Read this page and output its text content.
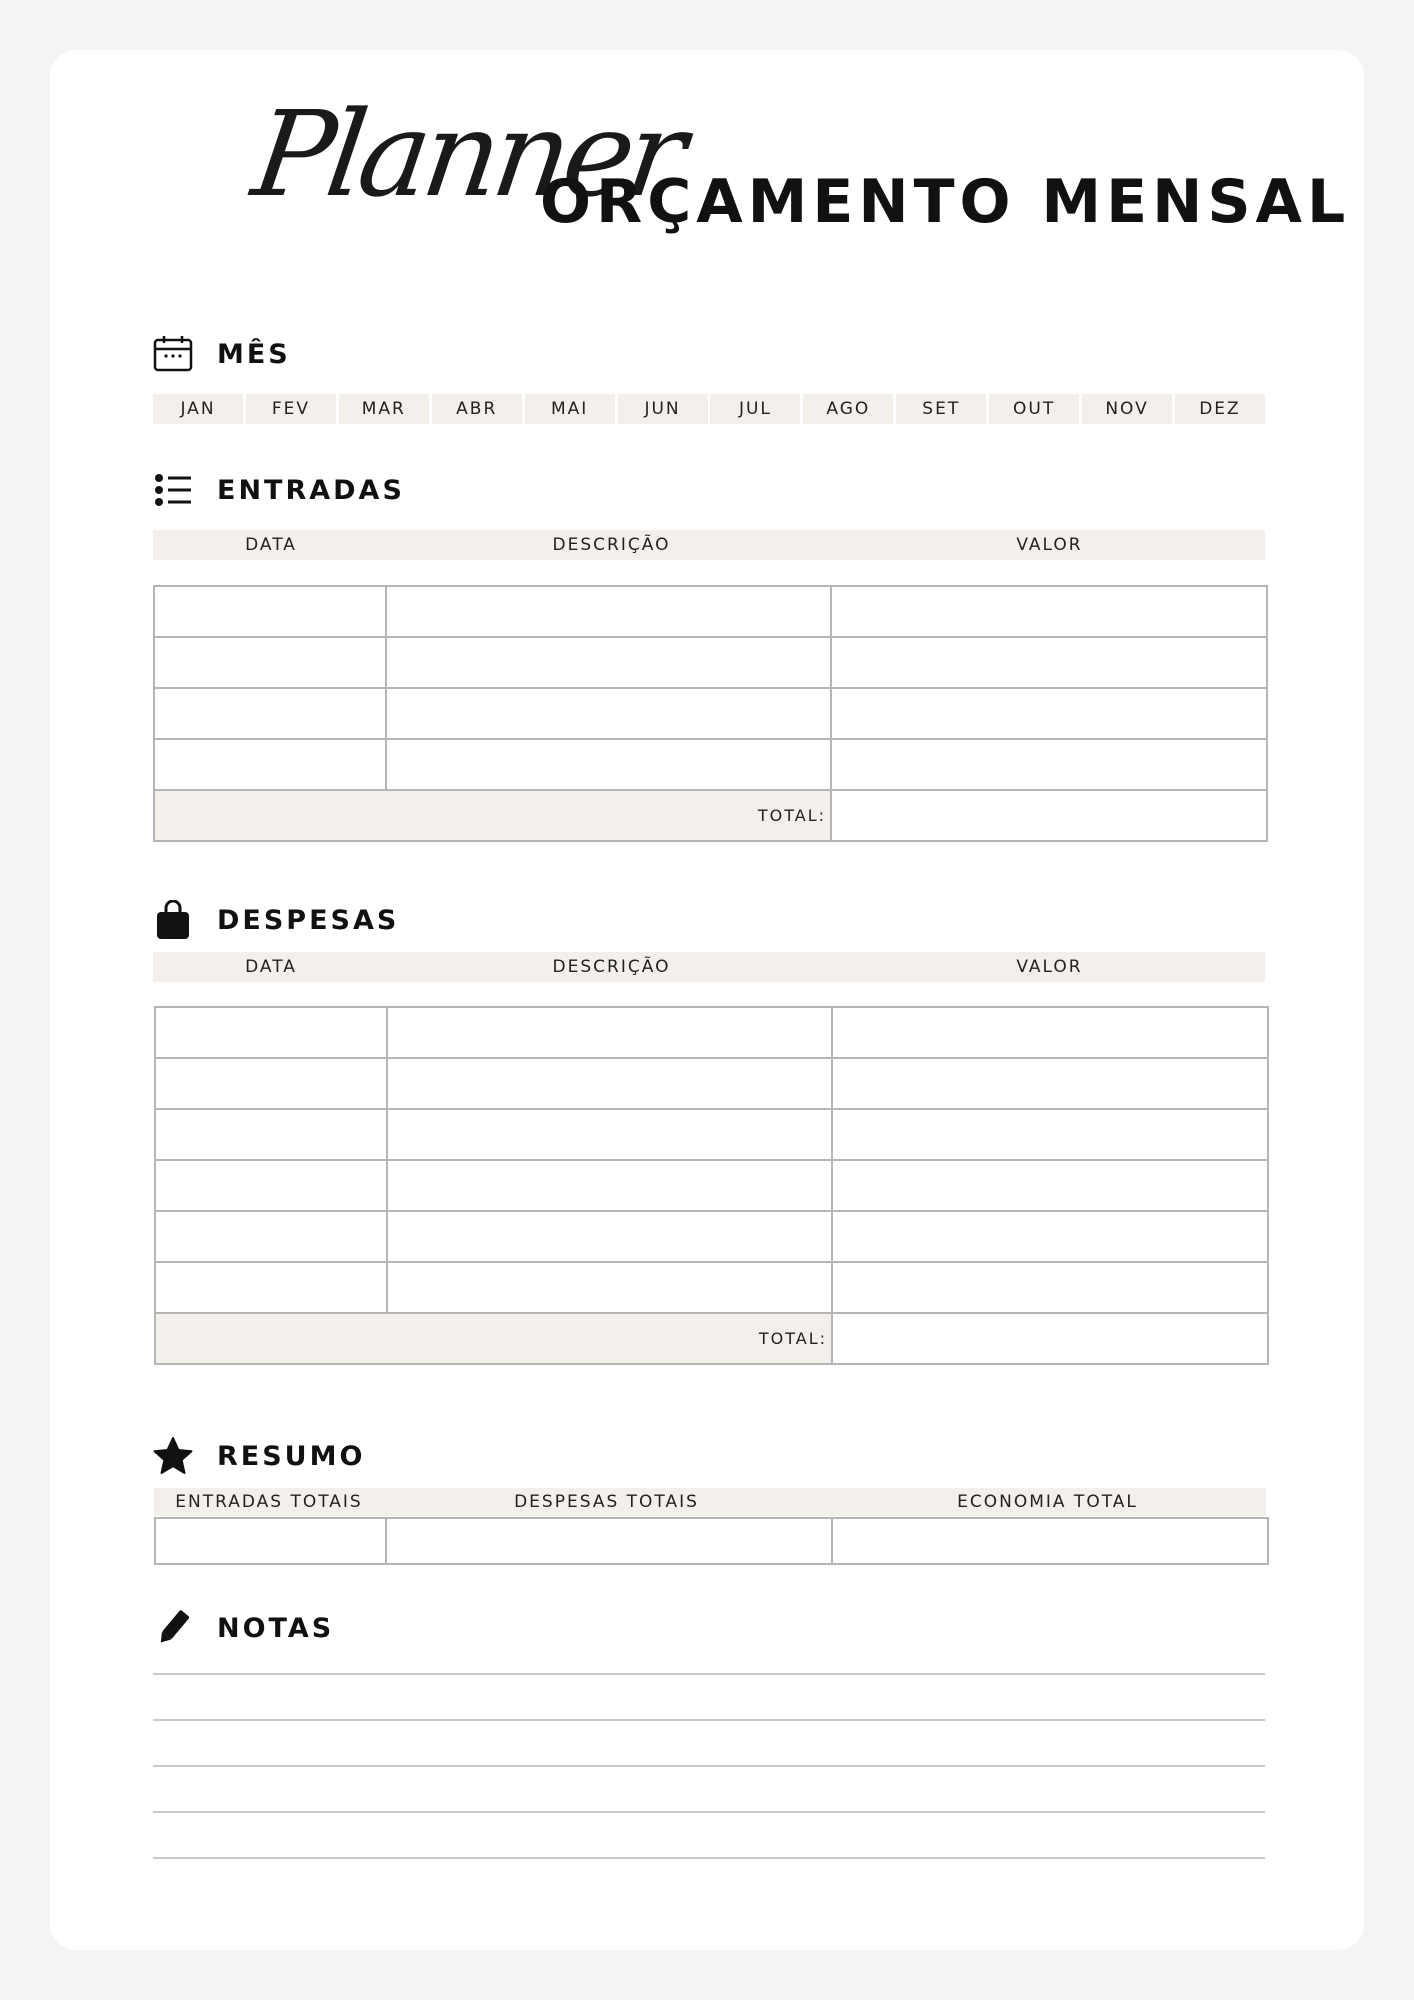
Planner
ORÇAMENTO MENSAL
MÊS
JAN	FEV	MAR	ABR	MAI	JUN	JUL	AGO	SET	OUT	NOV	DEZ
ENTRADAS
DATA	DESCRIÇÃO	VALOR

TOTAL:		
DESPESAS
DATA	DESCRIÇÃO	VALOR

TOTAL:		
RESUMO
ENTRADAS TOTAIS	DESPESAS TOTAIS	ECONOMIA TOTAL

NOTAS
